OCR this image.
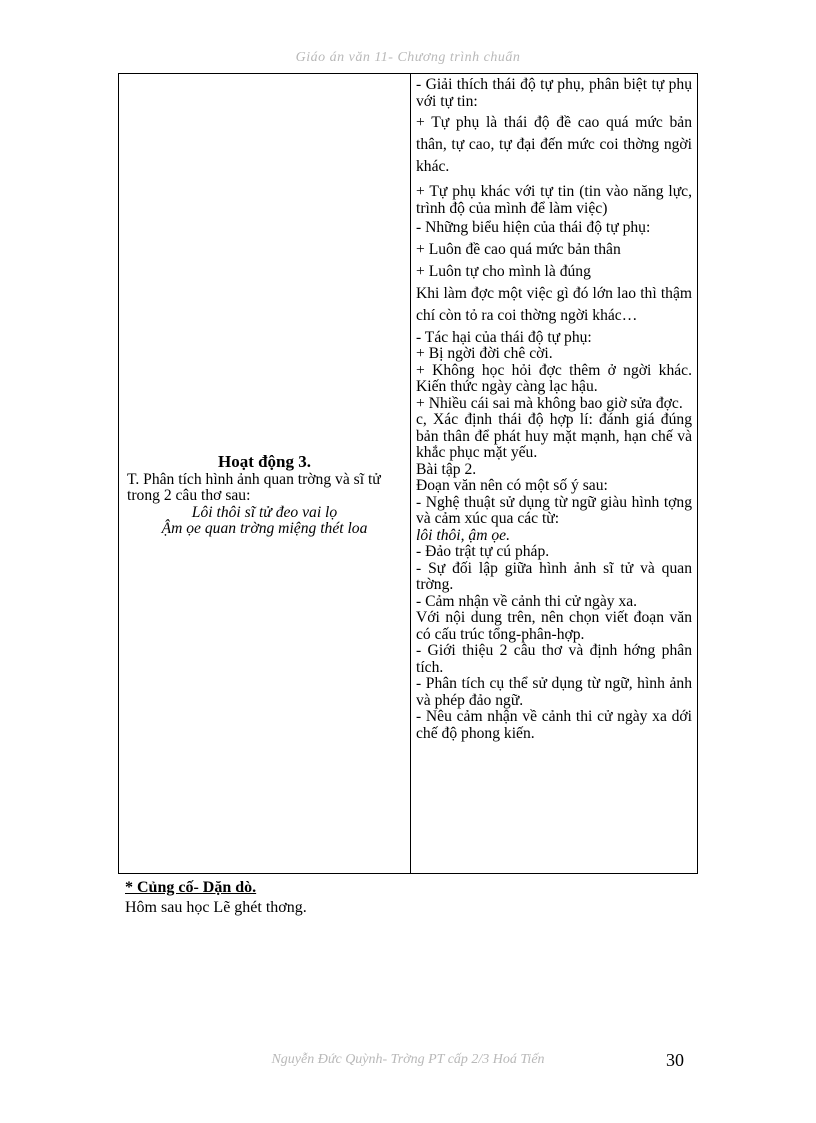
Giáo án văn 11- Chương trình chuẩn
Hoạt động 3.
T. Phân tích hình ảnh quan trờng và sĩ tử trong 2 câu thơ sau:
Lôi thôi sĩ tử đeo vai lọ
Ậm ọe quan trờng miệng thét loa

- Giải thích thái độ tự phụ, phân biệt tự phụ với tự tin:

+ Tự phụ là thái độ đề cao quá mức bản thân, tự cao, tự đại đến mức coi thờng ngời khác.

+ Tự phụ khác với tự tin (tin vào năng lực, trình độ của mình để làm việc)

- Những biểu hiện của thái độ tự phụ:

+ Luôn đề cao quá mức bản thân

+ Luôn tự cho mình là đúng

Khi làm đợc một việc gì đó lớn lao thì thậm chí còn tỏ ra coi thờng ngời khác…

- Tác hại của thái độ tự phụ:

+ Bị ngời đời chê cời.

+ Không học hỏi đợc thêm ở ngời khác. Kiến thức ngày càng lạc hậu.

+ Nhiều cái sai mà không bao giờ sửa đợc.

c, Xác định thái độ hợp lí: đánh giá đúng bản thân để phát huy mặt mạnh, hạn chế và khắc phục mặt yếu.

Bài tập 2.

Đoạn văn nên có một số ý sau:

- Nghệ thuật sử dụng từ ngữ giàu hình tợng và cảm xúc qua các từ:

lôi thôi, ậm ọe.

- Đảo trật tự cú pháp.

- Sự đối lập giữa hình ảnh sĩ tử và quan trờng.

- Cảm nhận về cảnh thi cử ngày xa.

Với nội dung trên, nên chọn viết đoạn văn có cấu trúc tổng-phân-hợp.

- Giới thiệu 2 câu thơ và định hớng phân tích.

- Phân tích cụ thể sử dụng từ ngữ, hình ảnh và phép đảo ngữ.

- Nêu cảm nhận về cảnh thi cử ngày xa dới chế độ phong kiến.

* Củng cố- Dặn dò.
Hôm sau học Lẽ ghét thơng.
Nguyễn Đức Quỳnh- Trờng PT cấp 2/3 Hoá Tiến	30
